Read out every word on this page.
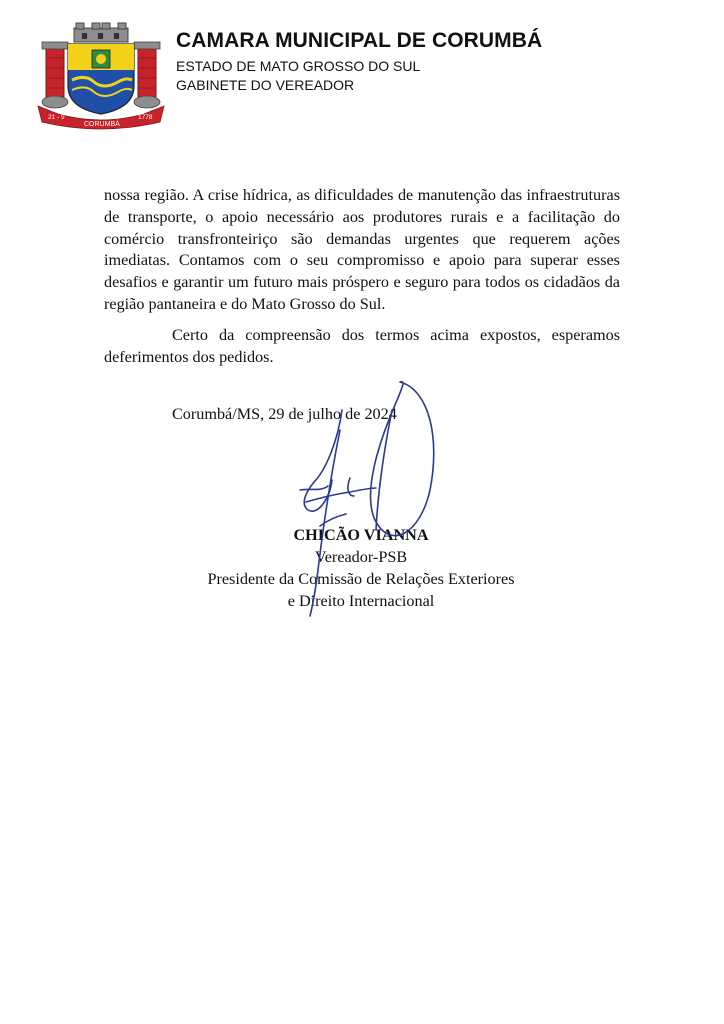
21 - 9
CORUMBÁ
1778
CAMARA MUNICIPAL DE CORUMBÁ
ESTADO DE MATO GROSSO DO SUL
GABINETE DO VEREADOR

nossa região. A crise hídrica, as dificuldades de manutenção das infraestruturas de transporte, o apoio necessário aos produtores rurais e a facilitação do comércio transfronteiriço são demandas urgentes que requerem ações imediatas. Contamos com o seu compromisso e apoio para superar esses desafios e garantir um futuro mais próspero e seguro para todos os cidadãos da região pantaneira e do Mato Grosso do Sul.

Certo da compreensão dos termos acima expostos, esperamos deferimentos dos pedidos.

Corumbá/MS, 29 de julho de 2024
CHICÃO VIANNA
Vereador-PSB
Presidente da Comissão de Relações Exteriores
e Direito Internacional
